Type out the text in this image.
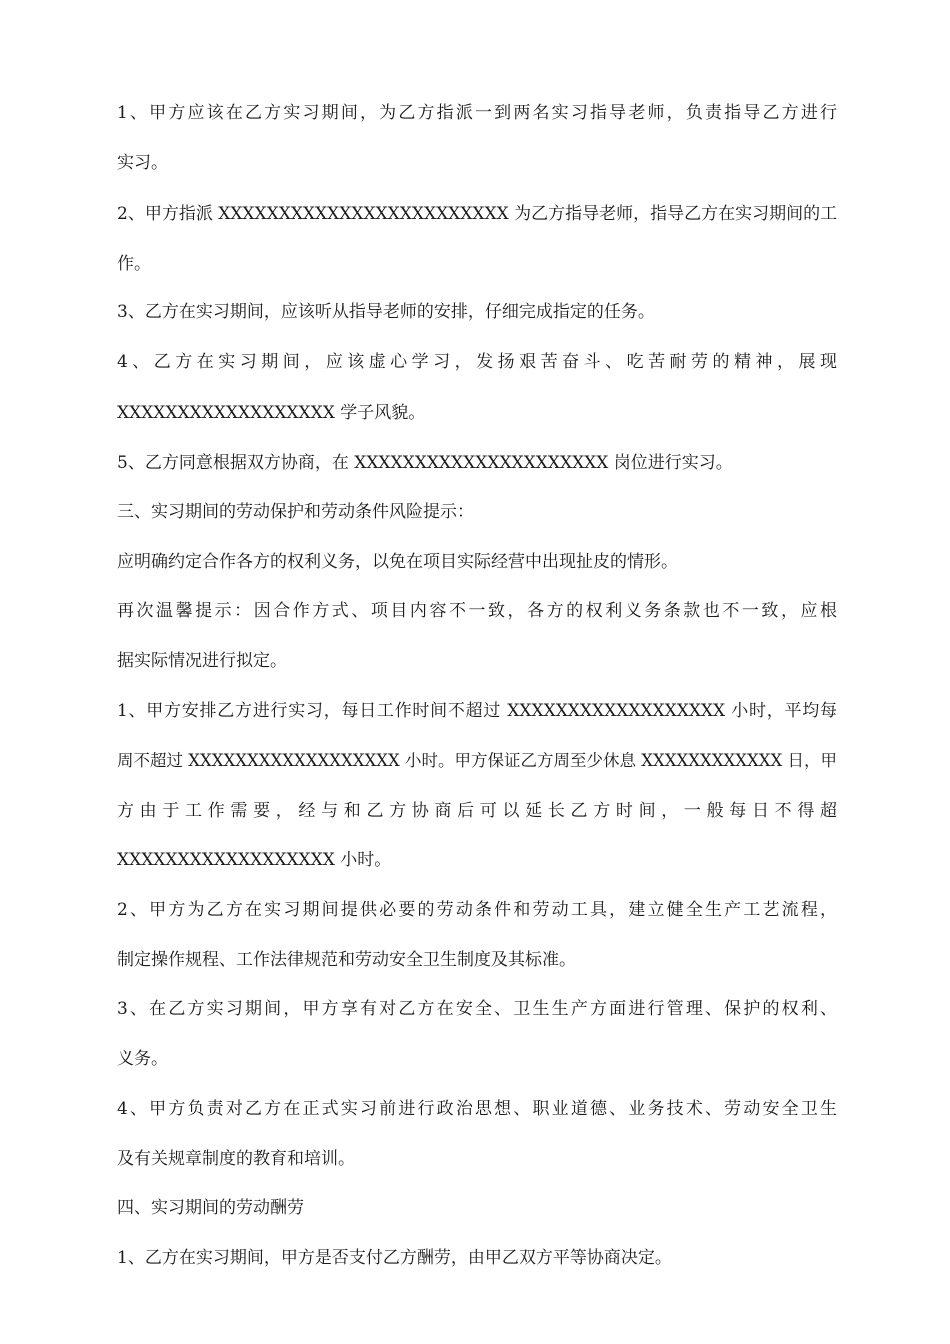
1、甲方应该在乙方实习期间，为乙方指派一到两名实习指导老师，负责指导乙方进行
实习。
2、甲方指派 XXXXXXXXXXXXXXXXXXXXXXXX 为乙方指导老师，指导乙方在实习期间的工
作。
3、乙方在实习期间，应该听从指导老师的安排，仔细完成指定的任务。
4、乙方在实习期间，应该虚心学习，发扬艰苦奋斗、吃苦耐劳的精神，展现
XXXXXXXXXXXXXXXXXX 学子风貌。
5、乙方同意根据双方协商，在 XXXXXXXXXXXXXXXXXXXXX 岗位进行实习。
三、实习期间的劳动保护和劳动条件风险提示：
应明确约定合作各方的权利义务，以免在项目实际经营中出现扯皮的情形。
再次温馨提示：因合作方式、项目内容不一致，各方的权利义务条款也不一致，应根
据实际情况进行拟定。
1、甲方安排乙方进行实习，每日工作时间不超过 XXXXXXXXXXXXXXXXXX 小时，平均每
周不超过 XXXXXXXXXXXXXXXXXX 小时。甲方保证乙方周至少休息 XXXXXXXXXXXX 日，甲
方由于工作需要，经与和乙方协商后可以延长乙方时间，一般每日不得超
XXXXXXXXXXXXXXXXXX 小时。
2、甲方为乙方在实习期间提供必要的劳动条件和劳动工具，建立健全生产工艺流程，
制定操作规程、工作法律规范和劳动安全卫生制度及其标准。
3、在乙方实习期间，甲方享有对乙方在安全、卫生生产方面进行管理、保护的权利、
义务。
4、甲方负责对乙方在正式实习前进行政治思想、职业道德、业务技术、劳动安全卫生
及有关规章制度的教育和培训。
四、实习期间的劳动酬劳
1、乙方在实习期间，甲方是否支付乙方酬劳，由甲乙双方平等协商决定。
